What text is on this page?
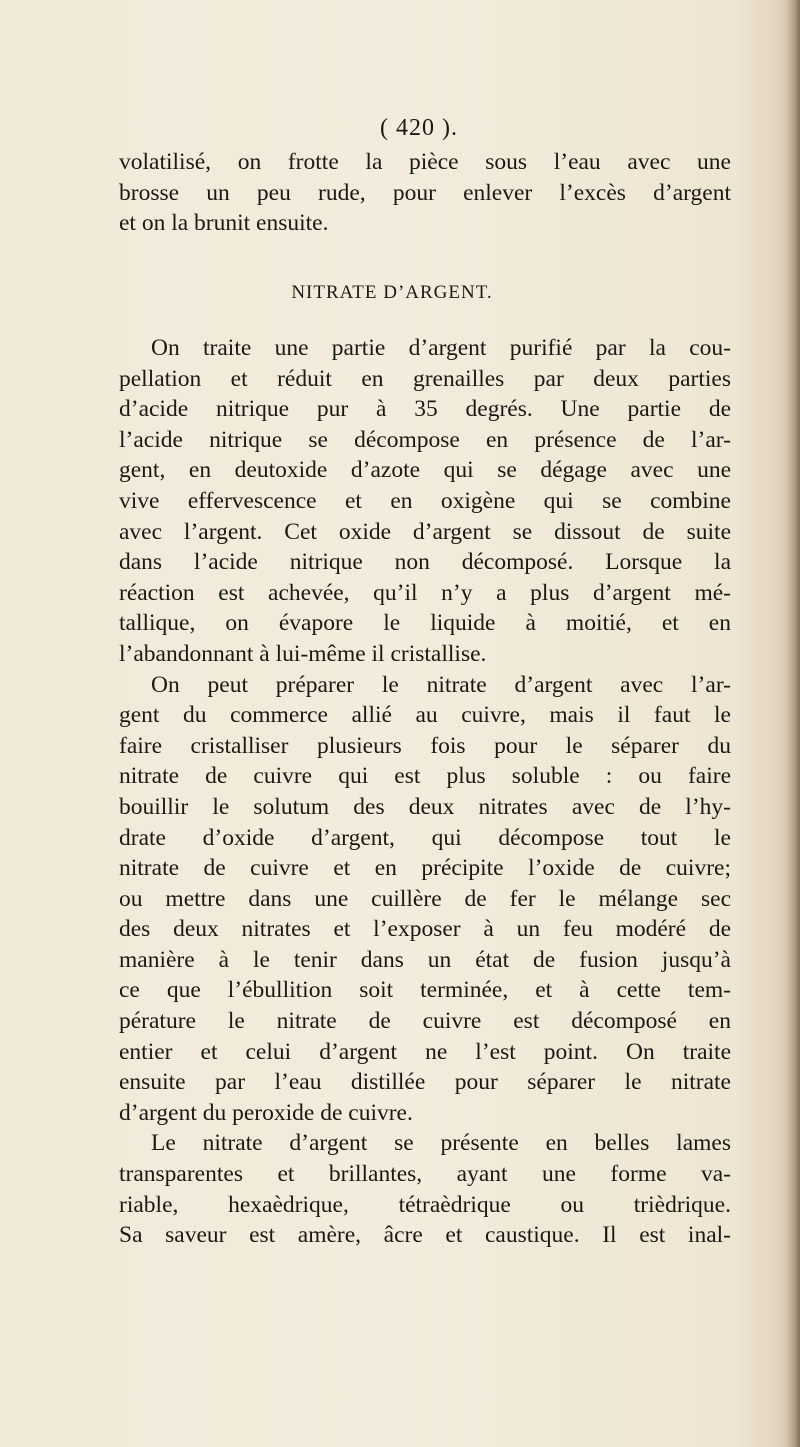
( 420 ).
volatilisé, on frotte la pièce sous l’eau avec une
brosse un peu rude, pour enlever l’excès d’argent
et on la brunit ensuite.
NITRATE D’ARGENT.
On traite une partie d’argent purifié par la cou-
pellation et réduit en grenailles par deux parties
d’acide nitrique pur à 35 degrés. Une partie de
l’acide nitrique se décompose en présence de l’ar-
gent, en deutoxide d’azote qui se dégage avec une
vive effervescence et en oxigène qui se combine
avec l’argent. Cet oxide d’argent se dissout de suite
dans l’acide nitrique non décomposé. Lorsque la
réaction est achevée, qu’il n’y a plus d’argent mé-
tallique, on évapore le liquide à moitié, et en
l’abandonnant à lui-même il cristallise.
On peut préparer le nitrate d’argent avec l’ar-
gent du commerce allié au cuivre, mais il faut le
faire cristalliser plusieurs fois pour le séparer du
nitrate de cuivre qui est plus soluble : ou faire
bouillir le solutum des deux nitrates avec de l’hy-
drate d’oxide d’argent, qui décompose tout le
nitrate de cuivre et en précipite l’oxide de cuivre;
ou mettre dans une cuillère de fer le mélange sec
des deux nitrates et l’exposer à un feu modéré de
manière à le tenir dans un état de fusion jusqu’à
ce que l’ébullition soit terminée, et à cette tem-
pérature le nitrate de cuivre est décomposé en
entier et celui d’argent ne l’est point. On traite
ensuite par l’eau distillée pour séparer le nitrate
d’argent du peroxide de cuivre.
Le nitrate d’argent se présente en belles lames
transparentes et brillantes, ayant une forme va-
riable, hexaèdrique, tétraèdrique ou trièdrique.
Sa saveur est amère, âcre et caustique. Il est inal-
